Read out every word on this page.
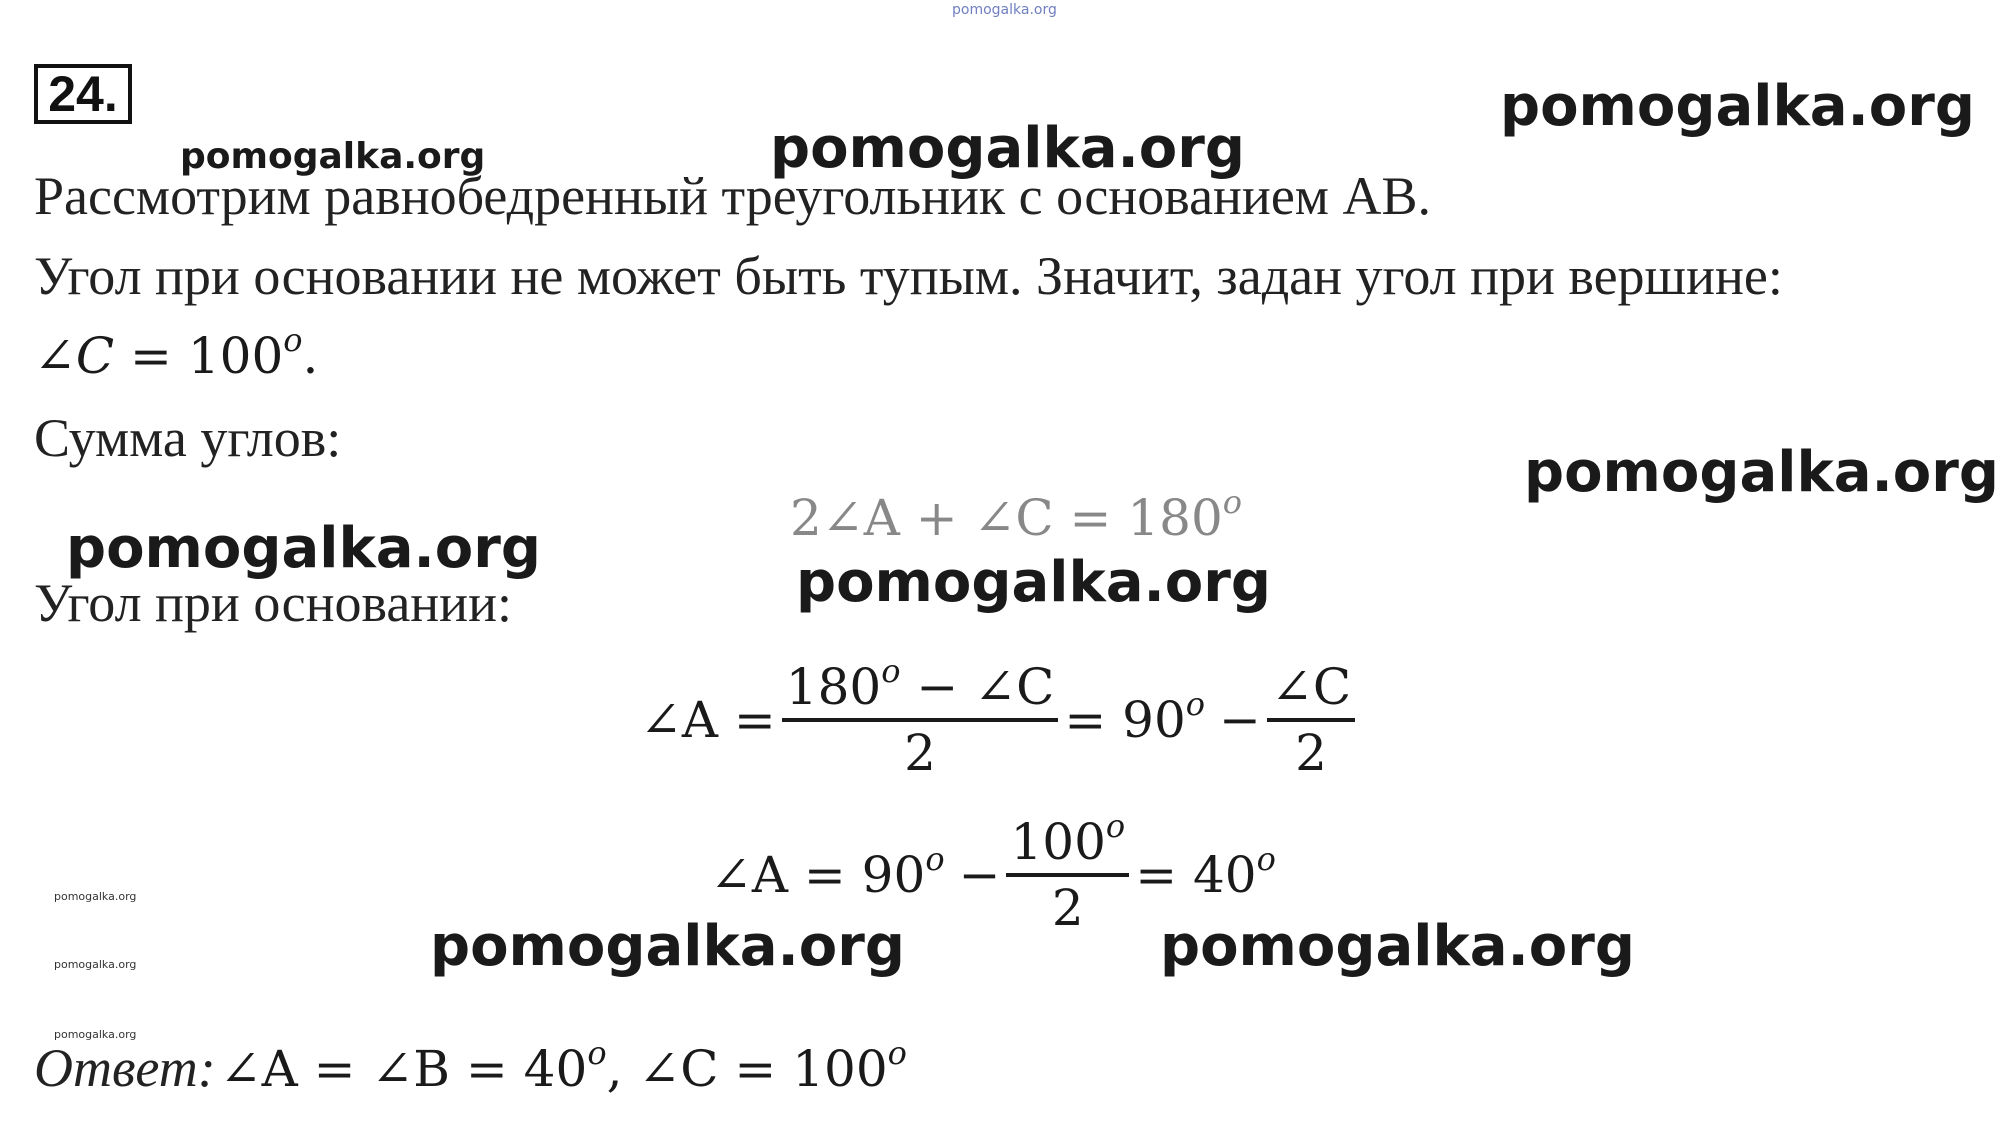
pomogalka.org
24.
Рассмотрим равнобедренный треугольник с основанием AB.
Угол при основании не может быть тупым. Значит, задан угол при вершине:
∠C = $100^o$.
Сумма углов:
2∠A + ∠C = $180^o$
Угол при основании:
∠A = $\frac{180^o - \angle C}{2} = 90^o - \frac{\angle C}{2}$
∠A = $90^o - \frac{100^o}{2} = 40^o$
Ответ: ∠A = ∠B = $40^o$, ∠C = $100^o$
pomogalka.org
pomogalka.org	pomogalka.org
pomogalka.org
pomogalka.org
pomogalka.org
pomogalka.org	pomogalka.org
pomogalka.org
pomogalka.org
pomogalka.org
